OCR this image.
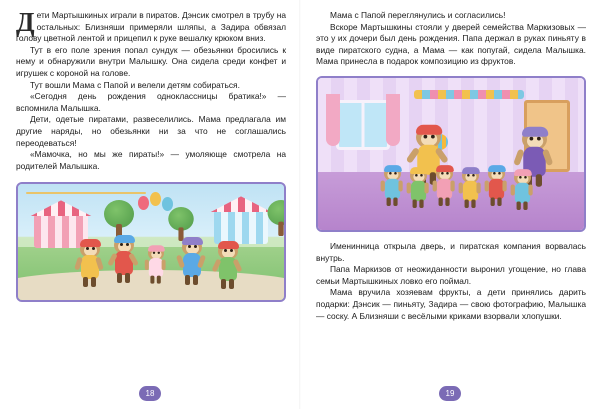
Дети Мартышкиных играли в пиратов. Дэнсик смотрел в трубу на остальных: Близняши примеряли шляпы, а Задира обвязал голову цветной лентой и прицепил к руке вешалку крюком вниз.

Тут в его поле зрения попал сундук — обезьянки бросились к нему и обнаружили внутри Малышку. Она сидела среди конфет и игрушек с короной на голове.

Тут вошли Мама с Папой и велели детям собираться.

«Сегодня день рождения одноклассницы братика!» — вспомнила Малышка.

Дети, одетые пиратами, развеселились. Мама предлагала им другие наряды, но обезьянки ни за что не соглашались переодеваться!

«Мамочка, но мы же пираты!» — умоляюще смотрела на родителей Малышка.

18

Мама с Папой переглянулись и согласились!

Вскоре Мартышкины стояли у дверей семейства Маркизовых — это у их дочери был день рождения. Папа держал в руках пиньяту в виде пиратского судна, а Мама — как попугай, сидела Малышка. Мама принесла в подарок композицию из фруктов.

Именинница открыла дверь, и пиратская компания ворвалась внутрь.

Папа Маркизов от неожиданности выронил угощение, но глава семьи Мартышкиных ловко его поймал.

Мама вручила хозяевам фрукты, а дети принялись дарить подарки: Дэнсик — пиньяту, Задира — свою фотографию, Малышка — соску. А Близняши с весёлыми криками взорвали хлопушки.

19
